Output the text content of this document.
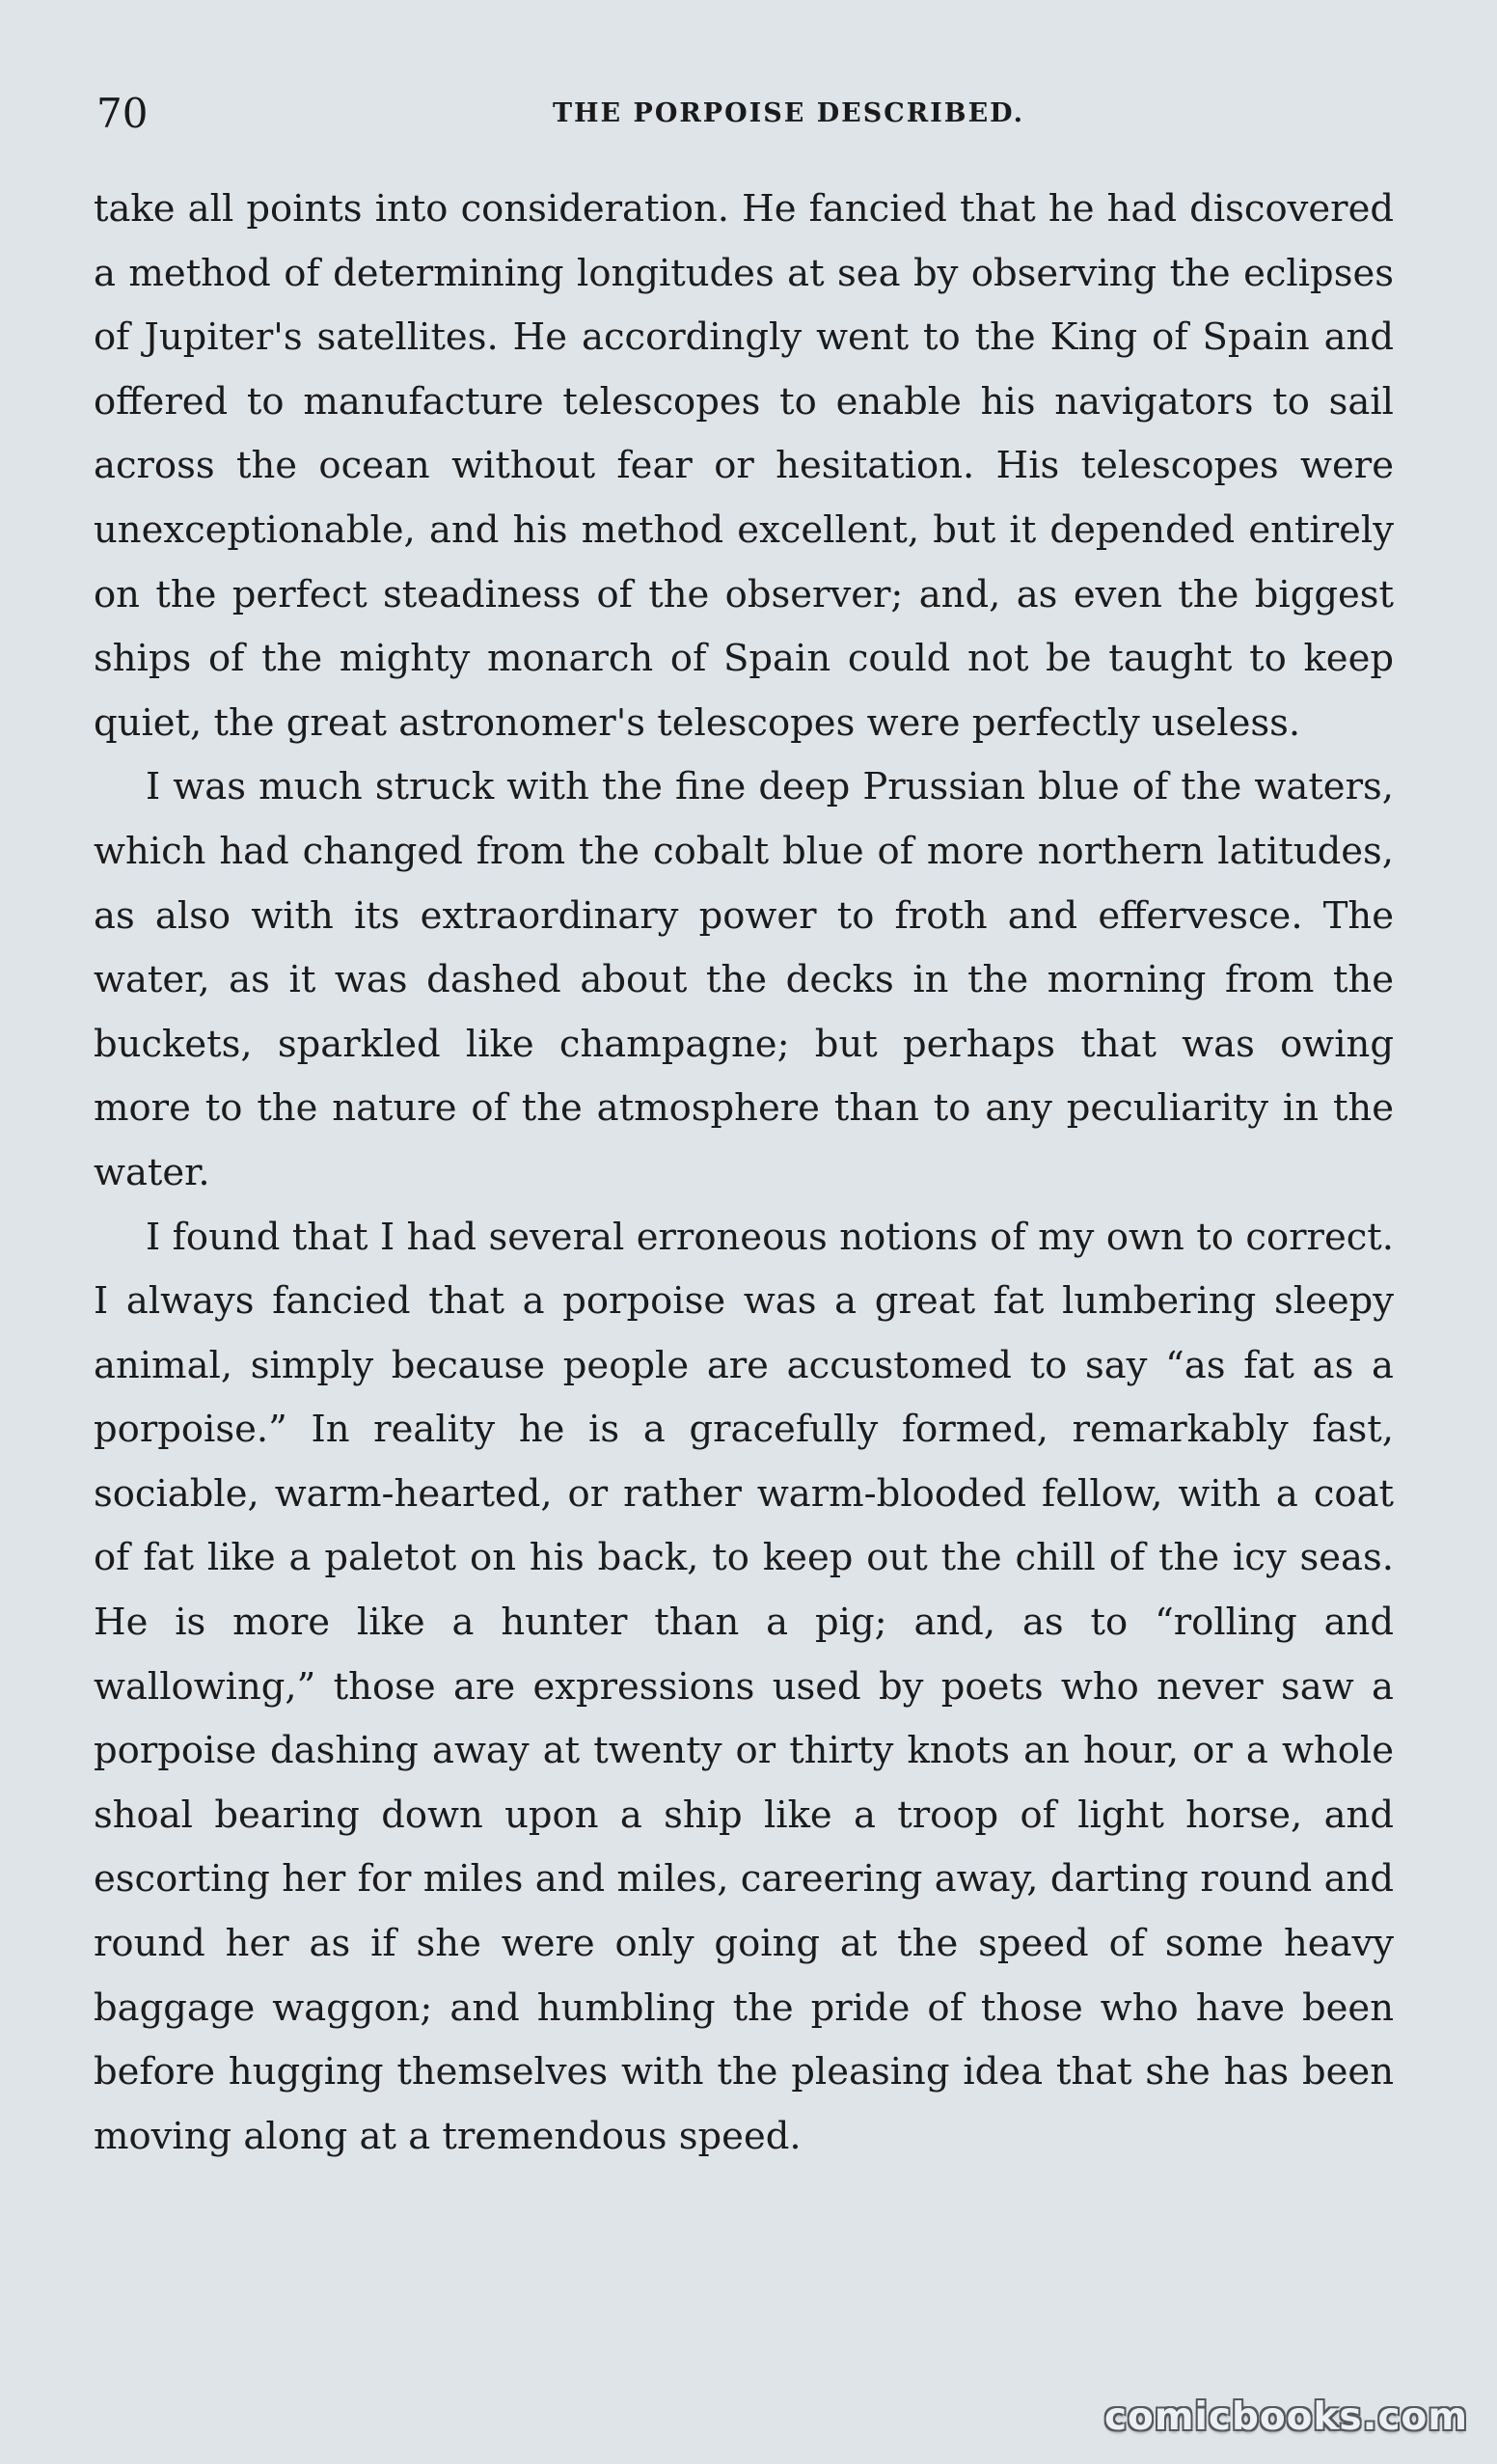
70	THE PORPOISE DESCRIBED.

take all points into consideration. He fancied that he had discovered a method of determining longitudes at sea by observing the eclipses of Jupiter's satellites. He accordingly went to the King of Spain and offered to manufacture telescopes to enable his navigators to sail across the ocean without fear or hesitation. His telescopes were unexceptionable, and his method excellent, but it depended entirely on the perfect steadiness of the observer; and, as even the biggest ships of the mighty monarch of Spain could not be taught to keep quiet, the great astronomer's telescopes were perfectly useless.

I was much struck with the fine deep Prussian blue of the waters, which had changed from the cobalt blue of more northern latitudes, as also with its extraordinary power to froth and effervesce. The water, as it was dashed about the decks in the morning from the buckets, sparkled like champagne; but perhaps that was owing more to the nature of the atmosphere than to any peculiarity in the water.

I found that I had several erroneous notions of my own to correct. I always fancied that a porpoise was a great fat lumbering sleepy animal, simply because people are accustomed to say “as fat as a porpoise.” In reality he is a gracefully formed, remarkably fast, sociable, warm-hearted, or rather warm-blooded fellow, with a coat of fat like a paletot on his back, to keep out the chill of the icy seas. He is more like a hunter than a pig; and, as to “rolling and wallowing,” those are expressions used by poets who never saw a porpoise dashing away at twenty or thirty knots an hour, or a whole shoal bearing down upon a ship like a troop of light horse, and escorting her for miles and miles, careering away, darting round and round her as if she were only going at the speed of some heavy baggage waggon; and humbling the pride of those who have been before hugging themselves with the pleasing idea that she has been moving along at a tremendous speed.

comicbooks.com
